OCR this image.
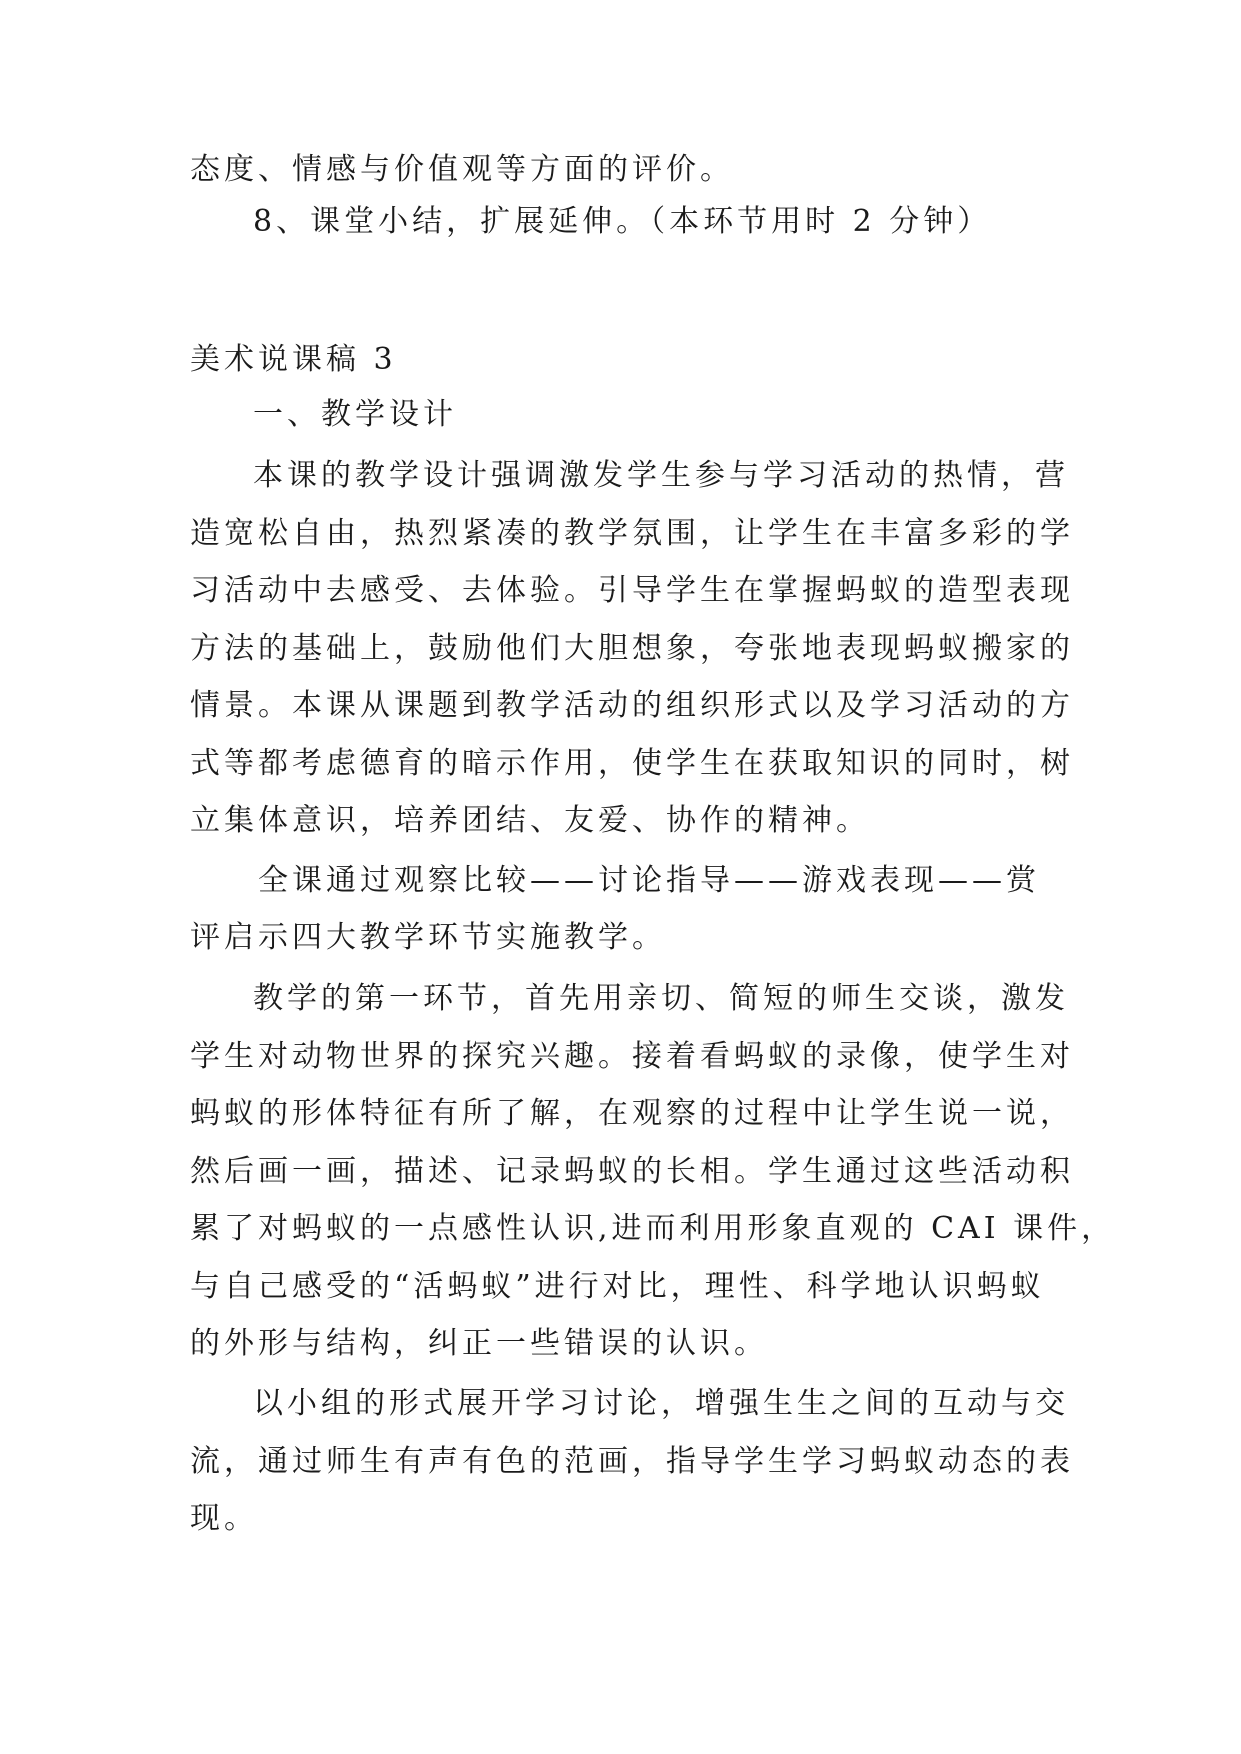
态度、情感与价值观等方面的评价。
8、课堂小结，扩展延伸。（本环节用时 2 分钟）
美术说课稿 3
一、教学设计
本课的教学设计强调激发学生参与学习活动的热情，营
造宽松自由，热烈紧凑的教学氛围，让学生在丰富多彩的学
习活动中去感受、去体验。引导学生在掌握蚂蚁的造型表现
方法的基础上，鼓励他们大胆想象，夸张地表现蚂蚁搬家的
情景。本课从课题到教学活动的组织形式以及学习活动的方
式等都考虑德育的暗示作用，使学生在获取知识的同时，树
立集体意识，培养团结、友爱、协作的精神。
全课通过观察比较——讨论指导——游戏表现——赏
评启示四大教学环节实施教学。
教学的第一环节，首先用亲切、简短的师生交谈，激发
学生对动物世界的探究兴趣。接着看蚂蚁的录像，使学生对
蚂蚁的形体特征有所了解，在观察的过程中让学生说一说，
然后画一画，描述、记录蚂蚁的长相。学生通过这些活动积
累了对蚂蚁的一点感性认识,进而利用形象直观的 CAI 课件，
与自己感受的“活蚂蚁”进行对比，理性、科学地认识蚂蚁
的外形与结构，纠正一些错误的认识。
以小组的形式展开学习讨论，增强生生之间的互动与交
流，通过师生有声有色的范画，指导学生学习蚂蚁动态的表
现。
